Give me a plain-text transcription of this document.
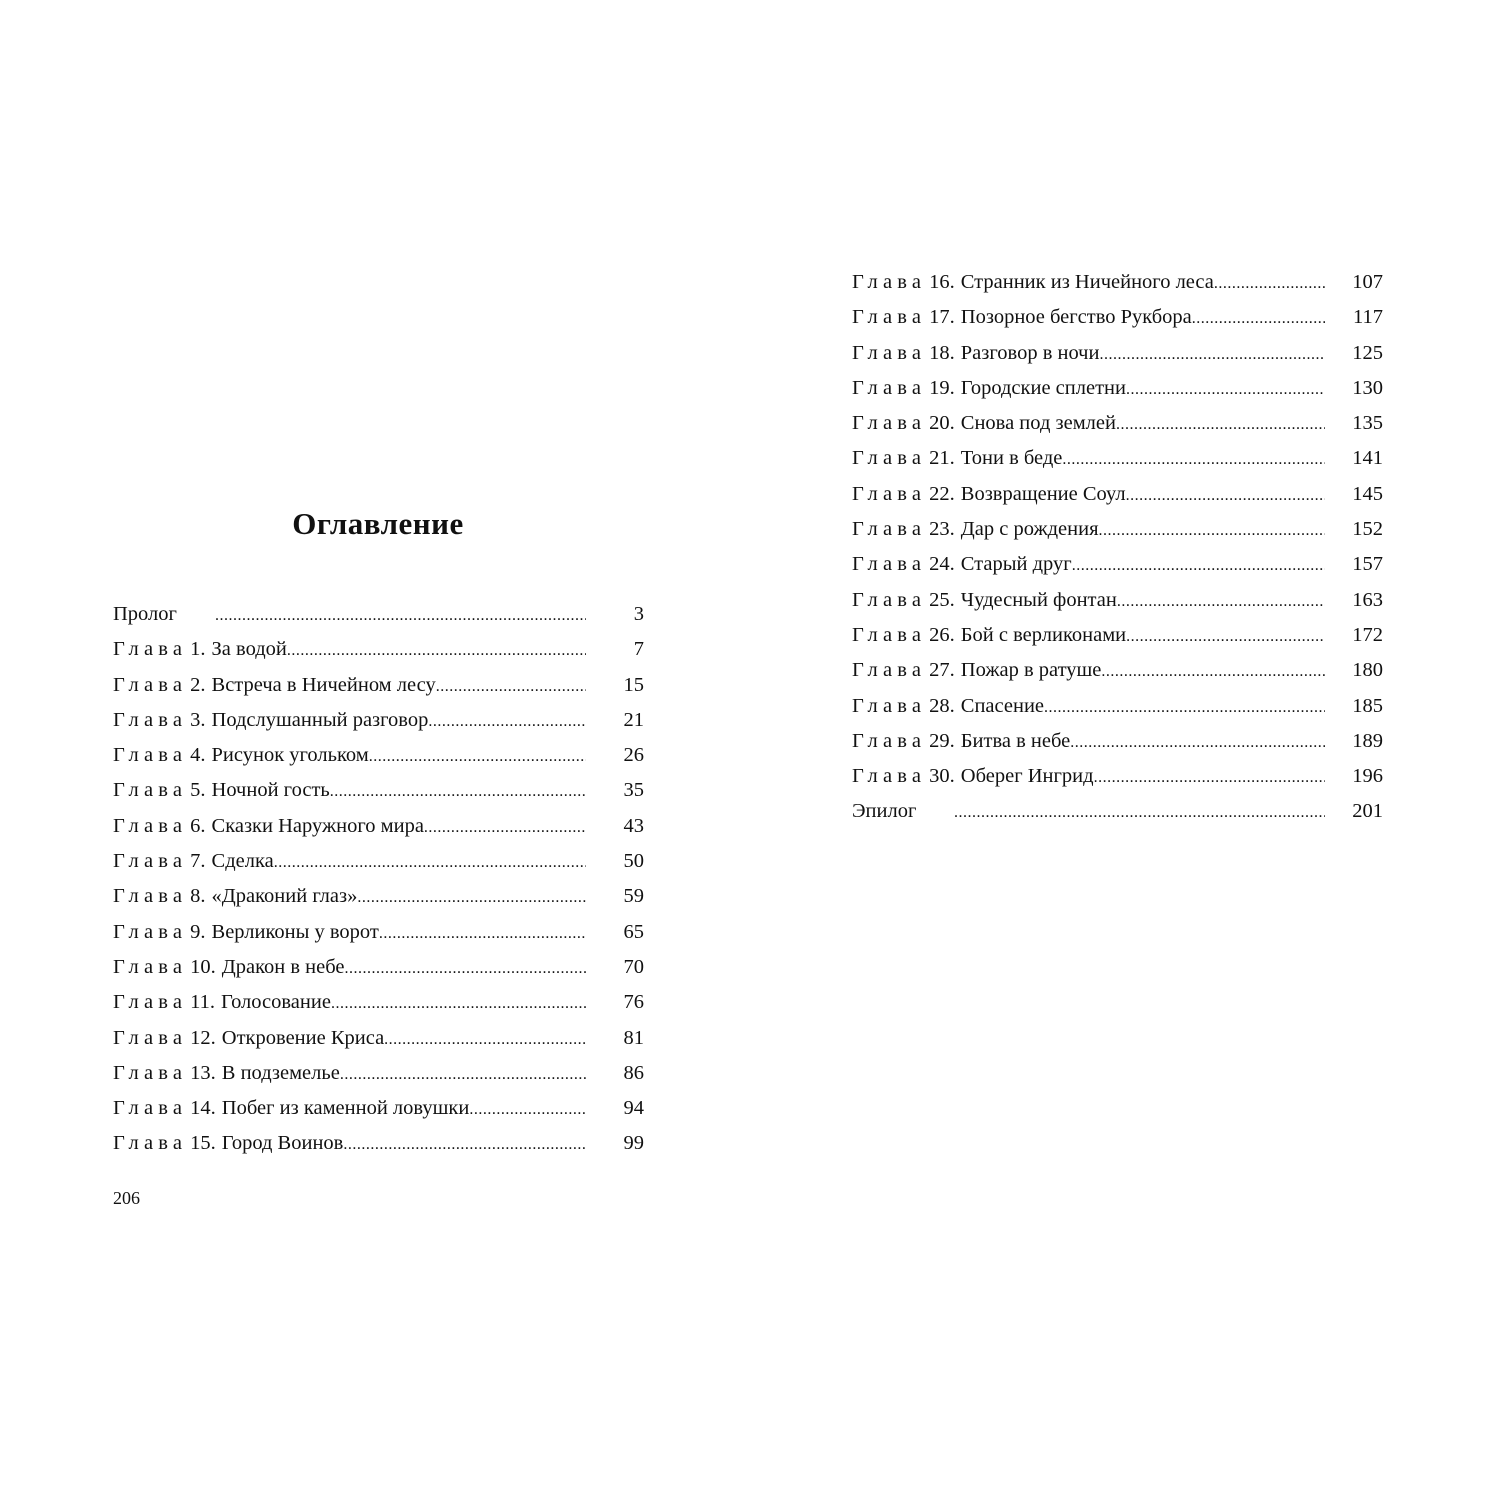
Оглавление
Пролог .....	3
Глава 1. За водой .....	7
Глава 2. Встреча в Ничейном лесу .....	15
Глава 3. Подслушанный разговор .....	21
Глава 4. Рисунок угольком .....	26
Глава 5. Ночной гость .....	35
Глава 6. Сказки Наружного мира .....	43
Глава 7. Сделка .....	50
Глава 8. «Драконий глаз» .....	59
Глава 9. Верликоны у ворот .....	65
Глава 10. Дракон в небе .....	70
Глава 11. Голосование .....	76
Глава 12. Откровение Криса .....	81
Глава 13. В подземелье .....	86
Глава 14. Побег из каменной ловушки .....	94
Глава 15. Город Воинов .....	99
Глава 16. Странник из Ничейного леса .....	107
Глава 17. Позорное бегство Рукбора .....	117
Глава 18. Разговор в ночи .....	125
Глава 19. Городские сплетни .....	130
Глава 20. Снова под землей .....	135
Глава 21. Тони в беде .....	141
Глава 22. Возвращение Соул .....	145
Глава 23. Дар с рождения .....	152
Глава 24. Старый друг .....	157
Глава 25. Чудесный фонтан .....	163
Глава 26. Бой с верликонами .....	172
Глава 27. Пожар в ратуше .....	180
Глава 28. Спасение .....	185
Глава 29. Битва в небе .....	189
Глава 30. Оберег Ингрид .....	196
Эпилог .....	201
206
